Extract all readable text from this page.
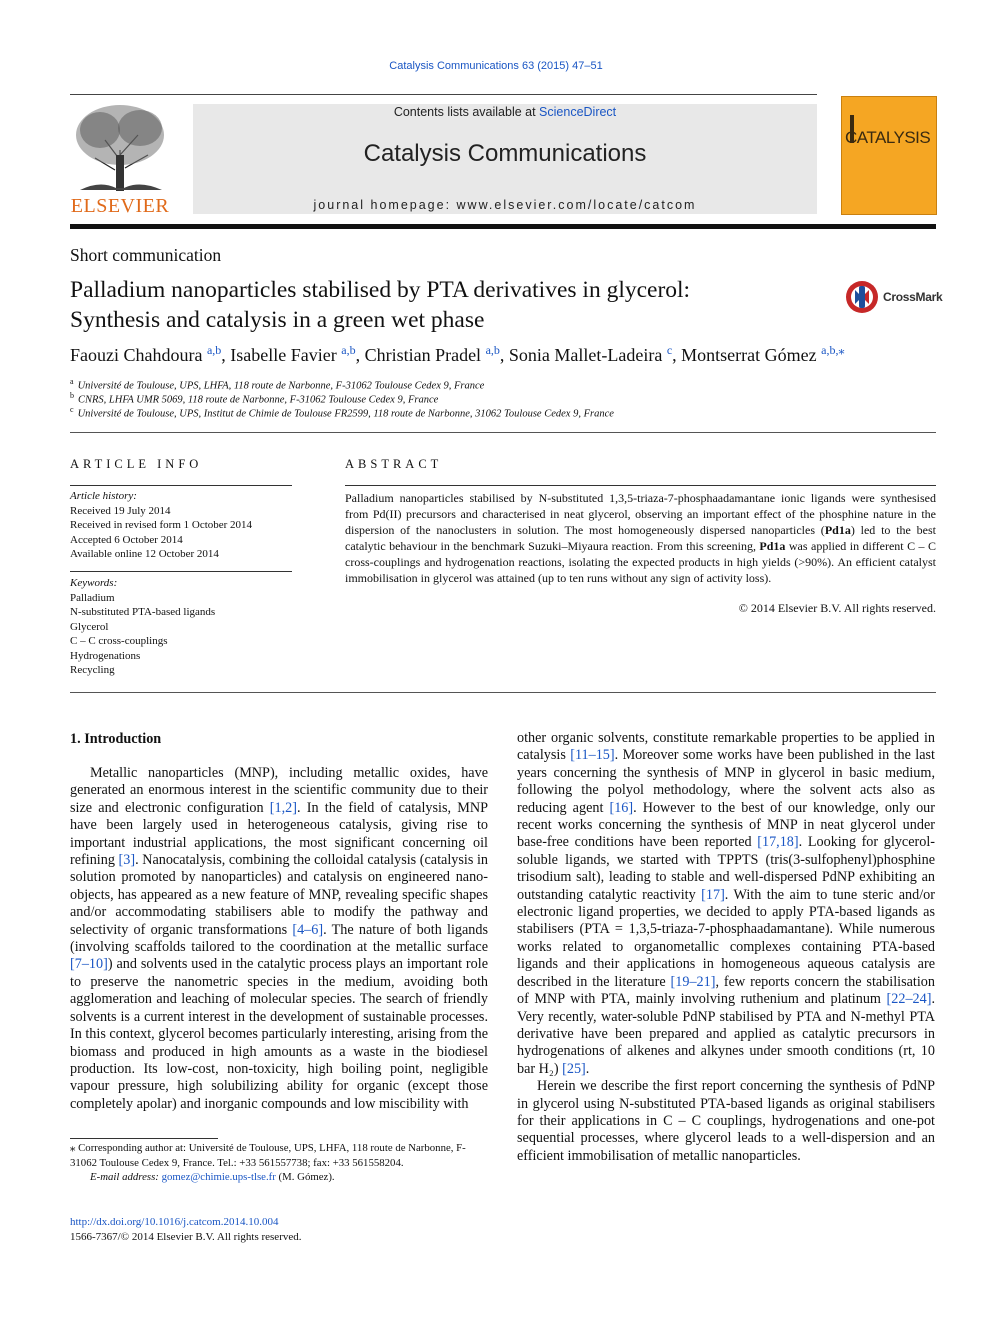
Catalysis Communications 63 (2015) 47–51
ELSEVIER
Contents lists available at ScienceDirect
Catalysis Communications
journal homepage: www.elsevier.com/locate/catcom
CATALYSIS
Short communication
Palladium nanoparticles stabilised by PTA derivatives in glycerol:
Synthesis and catalysis in a green wet phase
CrossMark
Faouzi Chahdoura $^{a,b}$, Isabelle Favier $^{a,b}$, Christian Pradel $^{a,b}$, Sonia Mallet-Ladeira $^c$, Montserrat Gómez $^{a,b,⁎}$
$^a$ Université de Toulouse, UPS, LHFA, 118 route de Narbonne, F-31062 Toulouse Cedex 9, France
$^b$ CNRS, LHFA UMR 5069, 118 route de Narbonne, F-31062 Toulouse Cedex 9, France
$^c$ Université de Toulouse, UPS, Institut de Chimie de Toulouse FR2599, 118 route de Narbonne, 31062 Toulouse Cedex 9, France
ARTICLE INFO
Article history:
Received 19 July 2014
Received in revised form 1 October 2014
Accepted 6 October 2014
Available online 12 October 2014
Keywords:
Palladium
N-substituted PTA-based ligands
Glycerol
C – C cross-couplings
Hydrogenations
Recycling
ABSTRACT
Palladium nanoparticles stabilised by N-substituted 1,3,5-triaza-7-phosphaadamantane ionic ligands were synthesised from Pd(II) precursors and characterised in neat glycerol, observing an important effect of the phosphine nature in the dispersion of the nanoclusters in solution. The most homogeneously dispersed nanoparticles (Pd1a) led to the best catalytic behaviour in the benchmark Suzuki–Miyaura reaction. From this screening, Pd1a was applied in different C – C cross-couplings and hydrogenation reactions, isolating the expected products in high yields (>90%). An efficient catalyst immobilisation in glycerol was attained (up to ten runs without any sign of activity loss).
© 2014 Elsevier B.V. All rights reserved.
1. Introduction

Metallic nanoparticles (MNP), including metallic oxides, have generated an enormous interest in the scientific community due to their size and electronic configuration [1,2]. In the field of catalysis, MNP have been largely used in heterogeneous catalysis, giving rise to important industrial applications, the most significant concerning oil refining [3]. Nanocatalysis, combining the colloidal catalysis (catalysis in solution promoted by nanoparticles) and catalysis on engineered nano-objects, has appeared as a new feature of MNP, revealing specific shapes and/or accommodating stabilisers able to modify the pathway and selectivity of organic transformations [4–6]. The nature of both ligands (involving scaffolds tailored to the coordination at the metallic surface [7–10]) and solvents used in the catalytic process plays an important role to preserve the nanometric species in the medium, avoiding both agglomeration and leaching of molecular species. The search of friendly solvents is a current interest in the development of sustainable processes. In this context, glycerol becomes particularly interesting, arising from the biomass and produced in high amounts as a waste in the biodiesel production. Its low-cost, non-toxicity, high boiling point, negligible vapour pressure, high solubilizing ability for organic (except those completely apolar) and inorganic compounds and low miscibility with

other organic solvents, constitute remarkable properties to be applied in catalysis [11–15]. Moreover some works have been published in the last years concerning the synthesis of MNP in glycerol in basic medium, following the polyol methodology, where the solvent acts also as reducing agent [16]. However to the best of our knowledge, only our recent works concerning the synthesis of MNP in neat glycerol under base-free conditions have been reported [17,18]. Looking for glycerol-soluble ligands, we started with TPPTS (tris(3-sulfophenyl)phosphine trisodium salt), leading to stable and well-dispersed PdNP exhibiting an outstanding catalytic reactivity [17]. With the aim to tune steric and/or electronic ligand properties, we decided to apply PTA-based ligands as stabilisers (PTA = 1,3,5-triaza-7-phosphaadamantane). While numerous works related to organometallic complexes containing PTA-based ligands and their applications in homogeneous aqueous catalysis are described in the literature [19–21], few reports concern the stabilisation of MNP with PTA, mainly involving ruthenium and platinum [22–24]. Very recently, water-soluble PdNP stabilised by PTA and N-methyl PTA derivative have been prepared and applied as catalytic precursors in hydrogenations of alkenes and alkynes under smooth conditions (rt, 10 bar H₂) [25].

Herein we describe the first report concerning the synthesis of PdNP in glycerol using N-substituted PTA-based ligands as original stabilisers for their applications in C – C couplings, hydrogenations and one-pot sequential processes, where glycerol leads to a well-dispersion and an efficient immobilisation of metallic nanoparticles.

⁎ Corresponding author at: Université de Toulouse, UPS, LHFA, 118 route de Narbonne, F-31062 Toulouse Cedex 9, France. Tel.: +33 561557738; fax: +33 561558204.
E-mail address: gomez@chimie.ups-tlse.fr (M. Gómez).
http://dx.doi.org/10.1016/j.catcom.2014.10.004
1566-7367/© 2014 Elsevier B.V. All rights reserved.
